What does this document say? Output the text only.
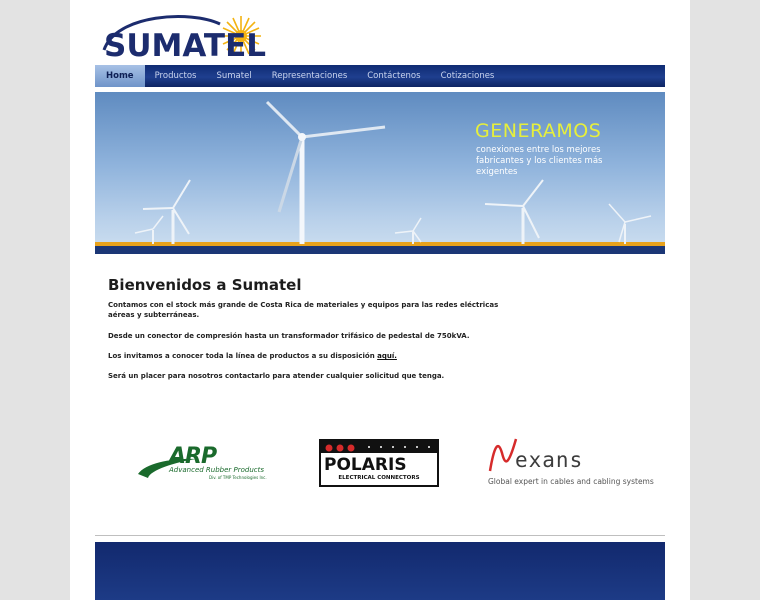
SUMATEL
Home	Productos	Sumatel	Representaciones	Contáctenos	Cotizaciones
GENERAMOS
conexiones entre los mejores
fabricantes y los clientes más
exigentes
Bienvenidos a Sumatel
Contamos con el stock más grande de Costa Rica de materiales y equipos para las redes eléctricas
aéreas y subterráneas.
Desde un conector de compresión hasta un transformador trifásico de pedestal de 750kVA.
Los invitamos a conocer toda la línea de productos a su disposición aquí.
Será un placer para nosotros contactarlo para atender cualquier solicitud que tenga.
ARP
Advanced Rubber Products
Div. of TMP Technologies Inc.
POLARIS
ELECTRICAL CONNECTORS
exans
Global expert in cables and cabling systems
